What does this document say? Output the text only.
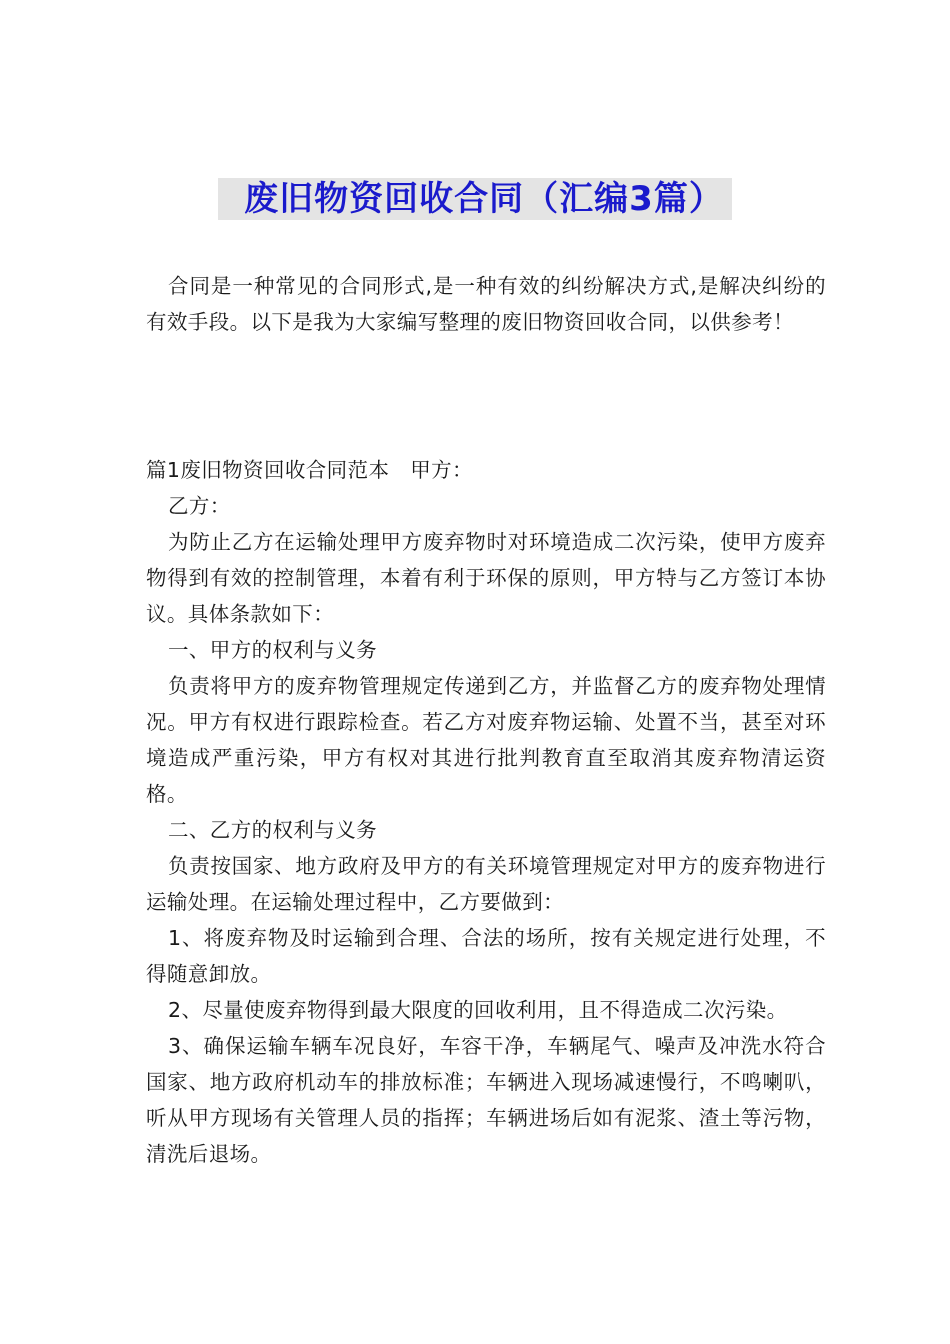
废旧物资回收合同（汇编3篇）

合同是一种常见的合同形式,是一种有效的纠纷解决方式,是解决纠纷的有效手段。以下是我为大家编写整理的废旧物资回收合同，以供参考！

篇1废旧物资回收合同范本　甲方：

乙方：

为防止乙方在运输处理甲方废弃物时对环境造成二次污染，使甲方废弃物得到有效的控制管理，本着有利于环保的原则，甲方特与乙方签订本协议。具体条款如下：

一、甲方的权利与义务

负责将甲方的废弃物管理规定传递到乙方，并监督乙方的废弃物处理情况。甲方有权进行跟踪检查。若乙方对废弃物运输、处置不当，甚至对环境造成严重污染，甲方有权对其进行批判教育直至取消其废弃物清运资格。

二、乙方的权利与义务

负责按国家、地方政府及甲方的有关环境管理规定对甲方的废弃物进行运输处理。在运输处理过程中，乙方要做到：

1、将废弃物及时运输到合理、合法的场所，按有关规定进行处理，不得随意卸放。

2、尽量使废弃物得到最大限度的回收利用，且不得造成二次污染。

3、确保运输车辆车况良好，车容干净，车辆尾气、噪声及冲洗水符合国家、地方政府机动车的排放标准；车辆进入现场减速慢行，不鸣喇叭，听从甲方现场有关管理人员的指挥；车辆进场后如有泥浆、渣土等污物，清洗后退场。
